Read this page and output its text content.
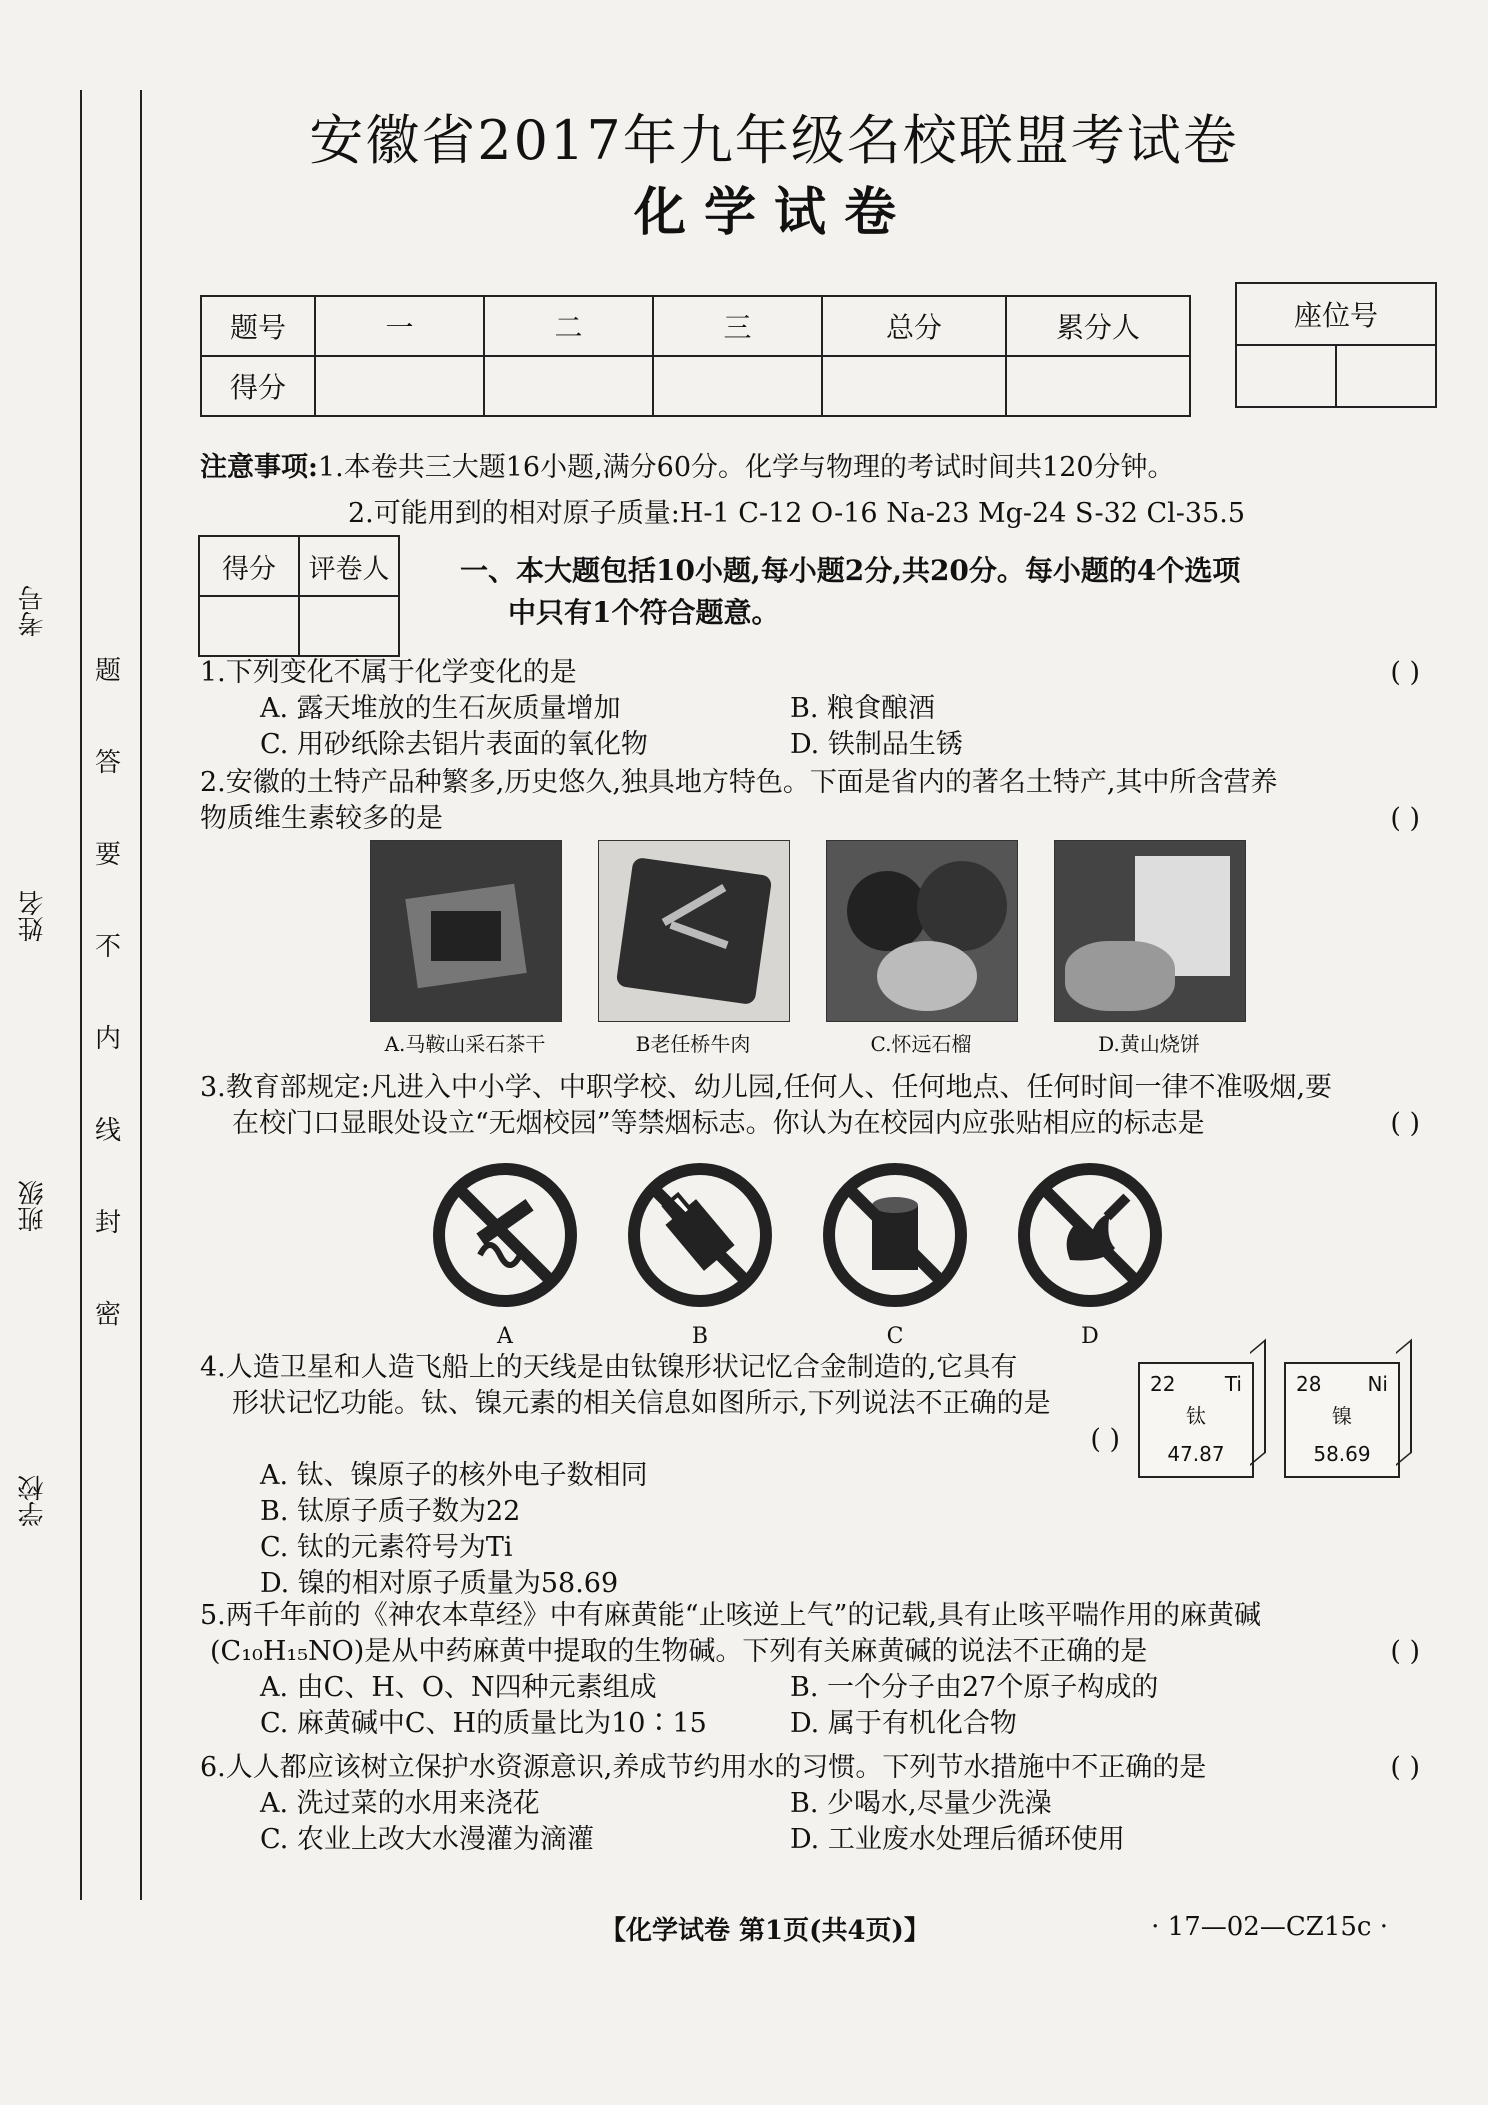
考号
姓名
班级
学校
题
答
要
不
内
线
封
密
安徽省2017年九年级名校联盟考试卷
化学试卷
题号	一	二	三	总分	累分人
得分					
座位号

注意事项:1.本卷共三大题16小题,满分60分。化学与物理的考试时间共120分钟。
2.可能用到的相对原子质量:H-1 C-12 O-16 Na-23 Mg-24 S-32 Cl-35.5
得分	评卷人
		一、本大题包括10小题,每小题2分,共20分。每小题的4个选项
中只有1个符合题意。
1.下列变化不属于化学变化的是	( )
A. 露天堆放的生石灰质量增加	B. 粮食酿酒
C. 用砂纸除去铝片表面的氧化物	D. 铁制品生锈
2.安徽的土特产品种繁多,历史悠久,独具地方特色。下面是省内的著名土特产,其中所含营养
物质维生素较多的是	( )
A.马鞍山采石茶干	B老任桥牛肉	C.怀远石榴	D.黄山烧饼
3.教育部规定:凡进入中小学、中职学校、幼儿园,任何人、任何地点、任何时间一律不准吸烟,要
在校门口显眼处设立“无烟校园”等禁烟标志。你认为在校园内应张贴相应的标志是	( )
A	B	C	D
4.人造卫星和人造飞船上的天线是由钛镍形状记忆合金制造的,它具有
形状记忆功能。钛、镍元素的相关信息如图所示,下列说法不正确的是
( )
A. 钛、镍原子的核外电子数相同
B. 钛原子质子数为22
C. 钛的元素符号为Ti
D. 镍的相对原子质量为58.69
22 Ti
钛
47.87
28 Ni
镍
58.69
5.两千年前的《神农本草经》中有麻黄能“止咳逆上气”的记载,具有止咳平喘作用的麻黄碱
(C₁₀H₁₅NO)是从中药麻黄中提取的生物碱。下列有关麻黄碱的说法不正确的是	( )
A. 由C、H、O、N四种元素组成	B. 一个分子由27个原子构成的
C. 麻黄碱中C、H的质量比为10∶15	D. 属于有机化合物
6.人人都应该树立保护水资源意识,养成节约用水的习惯。下列节水措施中不正确的是	( )
A. 洗过菜的水用来浇花	B. 少喝水,尽量少洗澡
C. 农业上改大水漫灌为滴灌	D. 工业废水处理后循环使用
【化学试卷 第1页(共4页)】	· 17—02—CZ15c ·
